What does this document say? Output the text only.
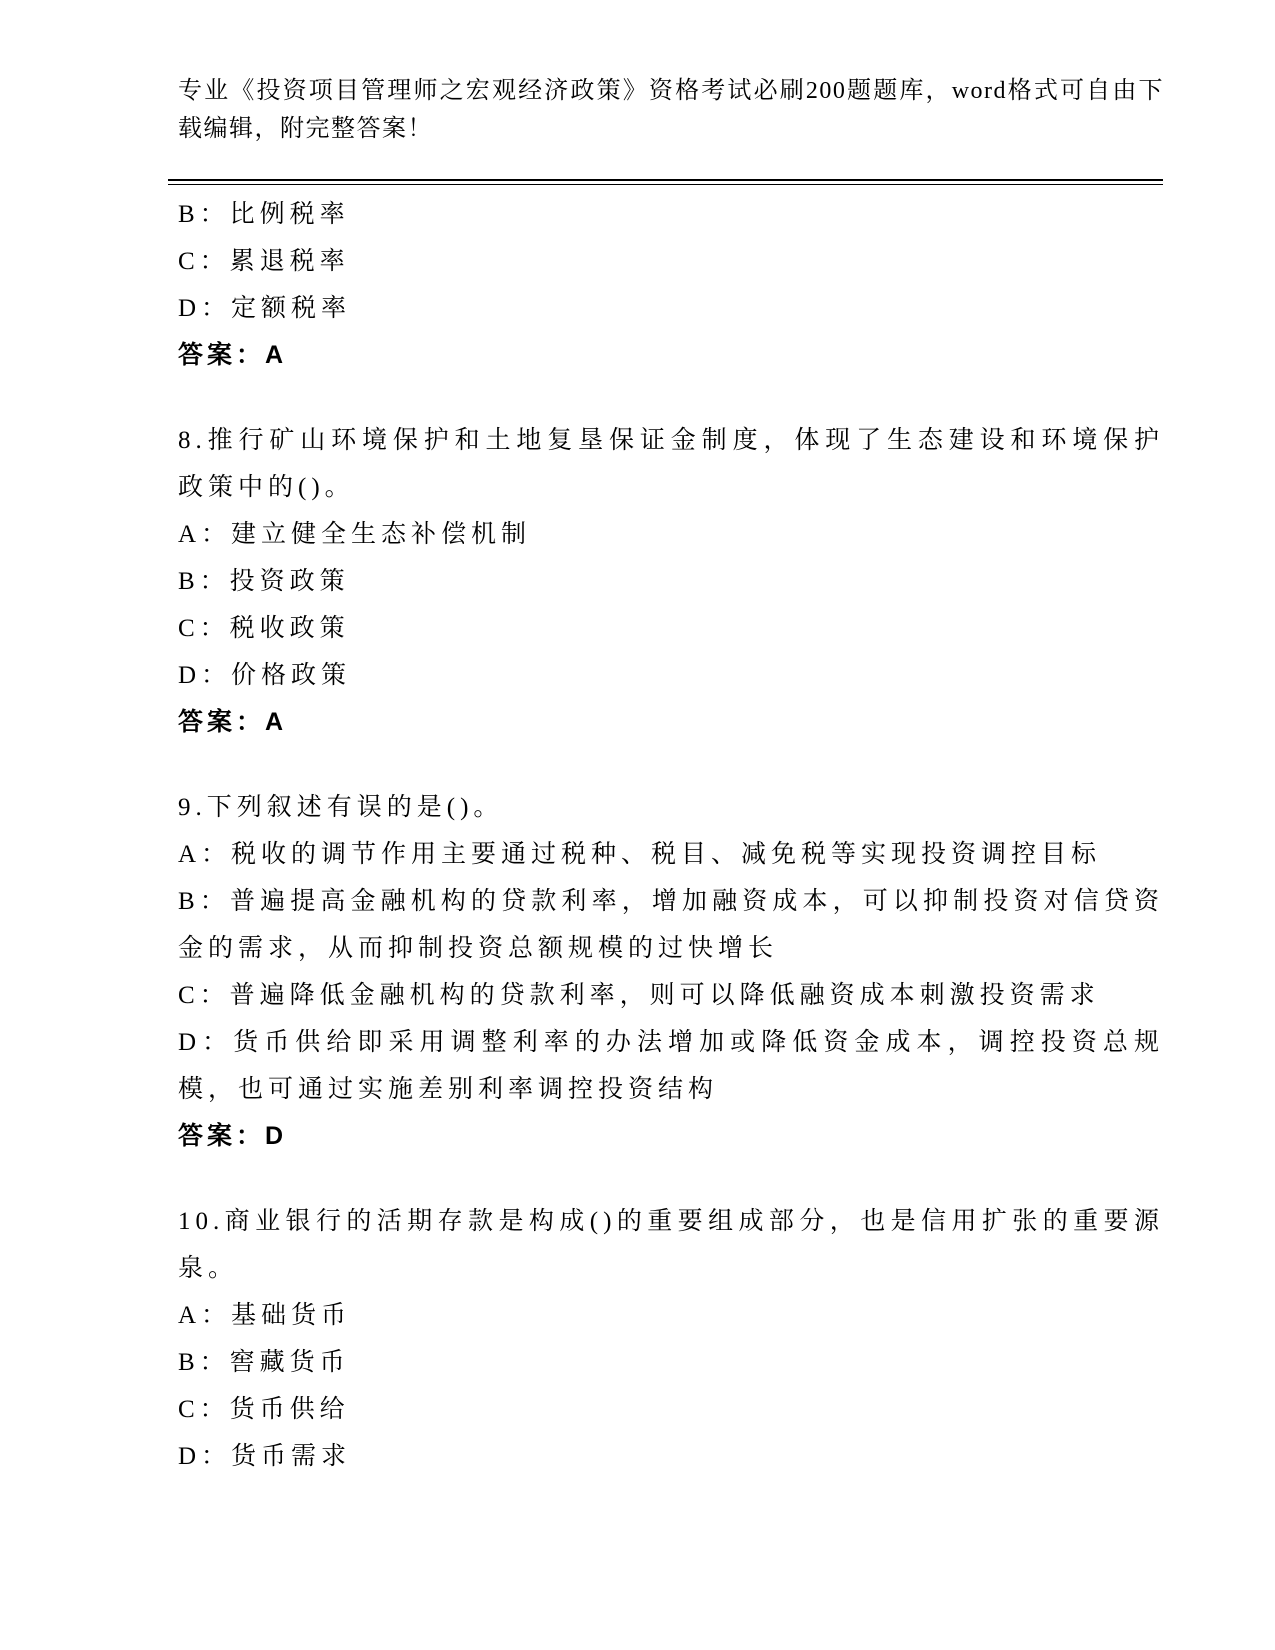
专业《投资项目管理师之宏观经济政策》资格考试必刷200题题库，word格式可自由下载编辑，附完整答案！
B：比例税率
C：累退税率
D：定额税率
答案：A
8.推行矿山环境保护和土地复垦保证金制度，体现了生态建设和环境保护政策中的()。
A：建立健全生态补偿机制
B：投资政策
C：税收政策
D：价格政策
答案：A
9.下列叙述有误的是()。
A：税收的调节作用主要通过税种、税目、减免税等实现投资调控目标
B：普遍提高金融机构的贷款利率，增加融资成本，可以抑制投资对信贷资金的需求，从而抑制投资总额规模的过快增长
C：普遍降低金融机构的贷款利率，则可以降低融资成本刺激投资需求
D：货币供给即采用调整利率的办法增加或降低资金成本，调控投资总规模，也可通过实施差别利率调控投资结构
答案：D
10.商业银行的活期存款是构成()的重要组成部分，也是信用扩张的重要源泉。
A：基础货币
B：窖藏货币
C：货币供给
D：货币需求
